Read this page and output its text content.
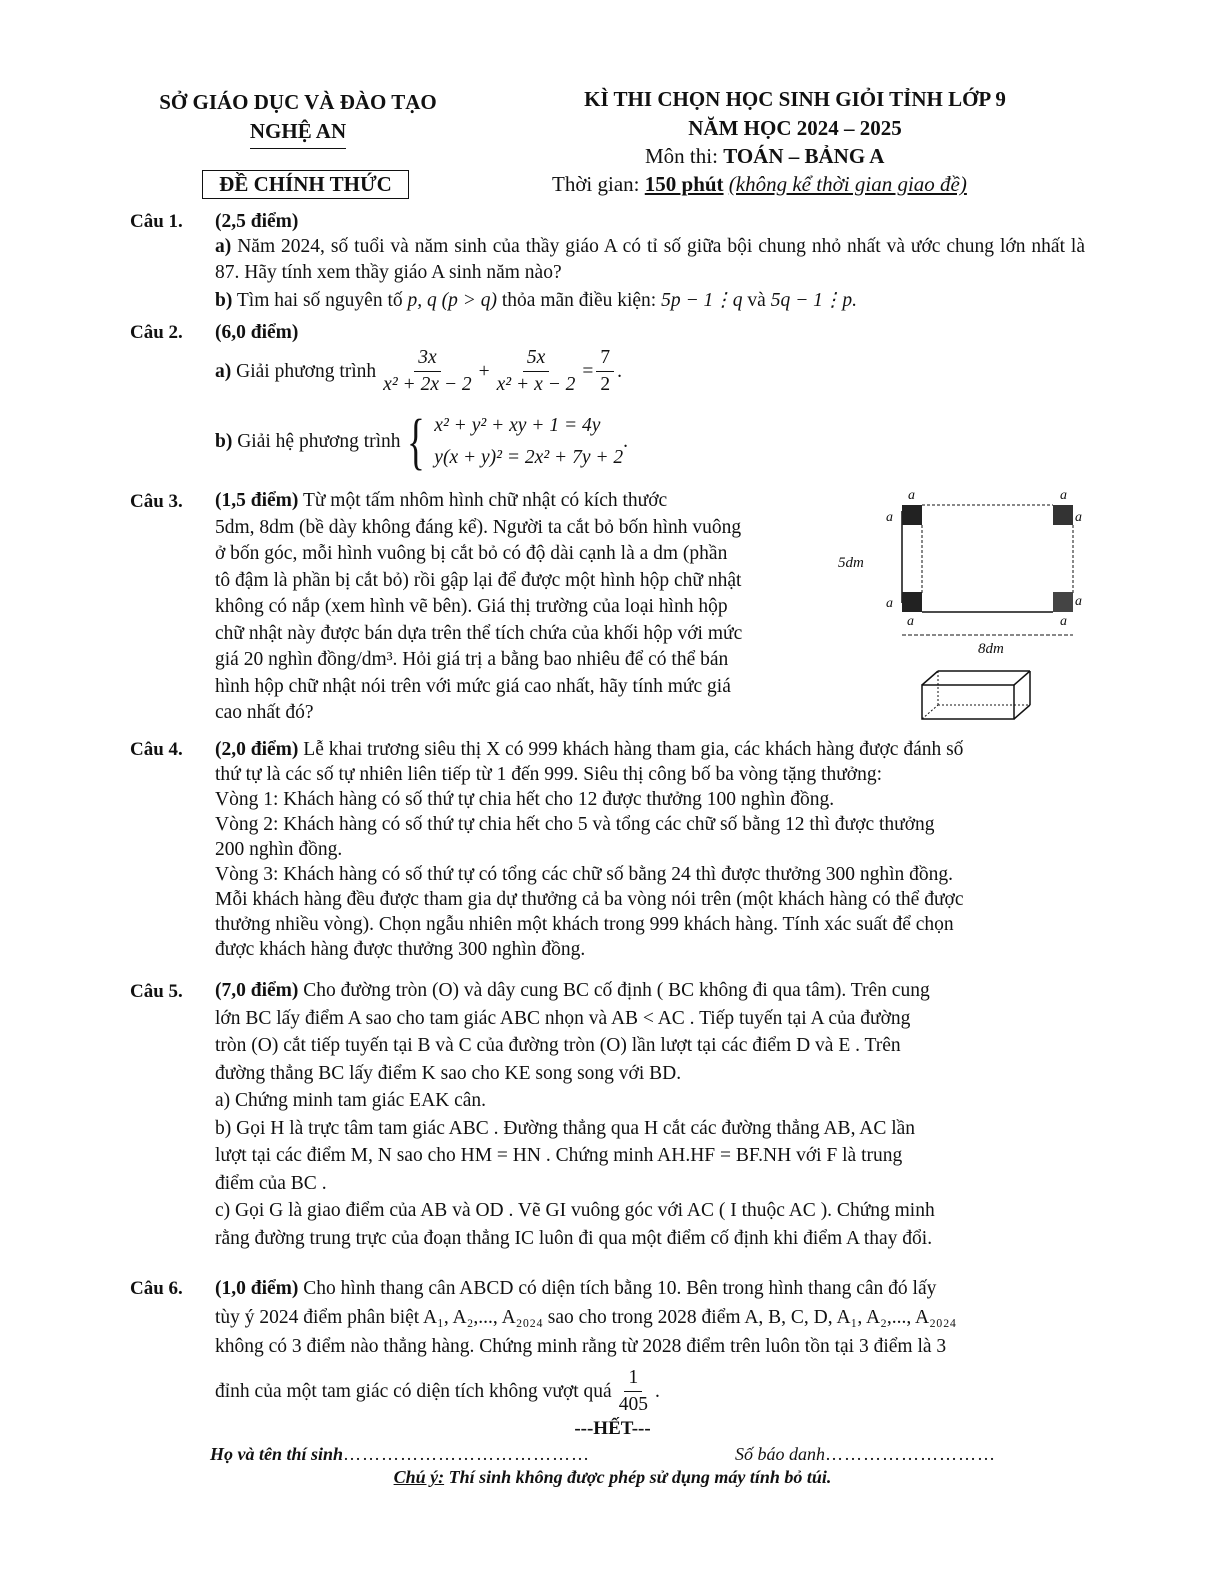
SỞ GIÁO DỤC VÀ ĐÀO TẠO
NGHỆ AN
ĐỀ CHÍNH THỨC
KÌ THI CHỌN HỌC SINH GIỎI TỈNH LỚP 9
NĂM HỌC 2024 – 2025
Môn thi: TOÁN – BẢNG A
Thời gian: 150 phút (không kể thời gian giao đề)
Câu 1. (2,5 điểm)
a) Năm 2024, số tuổi và năm sinh của thầy giáo A có tỉ số giữa bội chung nhỏ nhất và ước chung lớn nhất là 87. Hãy tính xem thầy giáo A sinh năm nào?
b) Tìm hai số nguyên tố p, q (p > q) thỏa mãn điều kiện: 5p − 1⋮q và 5q − 1⋮p.
Câu 2. (6,0 điểm)
a)
Giải phương trình $\frac{3x}{\text{x² + 2x − 2}} + \frac{5x}{\text{x² + x − 2}} = \frac{7}{2}$ .
b)
Giải hệ phương trình { x² + y² + xy + 1 = 4y
y(x + y)² = 2x² + 7y + 2
.
Câu 3. (1,5 điểm) Từ một tấm nhôm hình chữ nhật có kích thước
5dm, 8dm (bề dày không đáng kể). Người ta cắt bỏ bốn hình vuông
ở bốn góc, mỗi hình vuông bị cắt bỏ có độ dài cạnh là a dm (phần
tô đậm là phần bị cắt bỏ) rồi gập lại để được một hình hộp chữ nhật
không có nắp (xem hình vẽ bên). Giá thị trường của loại hình hộp
chữ nhật này được bán dựa trên thể tích chứa của khối hộp với mức
giá 20 nghìn đồng/dm³. Hỏi giá trị a bằng bao nhiêu để có thể bán
hình hộp chữ nhật nói trên với mức giá cao nhất, hãy tính mức giá
cao nhất đó?
a	a
a	a
a	a
a	a
5dm
8dm
Câu 4. (2,0 điểm) Lễ khai trương siêu thị X có 999 khách hàng tham gia, các khách hàng được đánh số
thứ tự là các số tự nhiên liên tiếp từ 1 đến 999. Siêu thị công bố ba vòng tặng thưởng:
Vòng 1: Khách hàng có số thứ tự chia hết cho 12 được thưởng 100 nghìn đồng.
Vòng 2: Khách hàng có số thứ tự chia hết cho 5 và tổng các chữ số bằng 12 thì được thưởng
200 nghìn đồng.
Vòng 3: Khách hàng có số thứ tự có tổng các chữ số bằng 24 thì được thưởng 300 nghìn đồng.
Mỗi khách hàng đều được tham gia dự thưởng cả ba vòng nói trên (một khách hàng có thể được
thưởng nhiều vòng). Chọn ngẫu nhiên một khách trong 999 khách hàng. Tính xác suất để chọn
được khách hàng được thưởng 300 nghìn đồng.
Câu 5. (7,0 điểm) Cho đường tròn (O) và dây cung BC cố định ( BC không đi qua tâm). Trên cung
lớn BC lấy điểm A sao cho tam giác ABC nhọn và AB < AC . Tiếp tuyến tại A của đường
tròn (O) cắt tiếp tuyến tại B và C của đường tròn (O) lần lượt tại các điểm D và E . Trên
đường thẳng BC lấy điểm K sao cho KE song song với BD.
a) Chứng minh tam giác EAK cân.
b) Gọi H là trực tâm tam giác ABC . Đường thẳng qua H cắt các đường thẳng AB, AC lần
lượt tại các điểm M, N sao cho HM = HN . Chứng minh AH.HF = BF.NH với F là trung
điểm của BC .
c) Gọi G là giao điểm của AB và OD . Vẽ GI vuông góc với AC ( I thuộc AC ). Chứng minh
rằng đường trung trực của đoạn thẳng IC luôn đi qua một điểm cố định khi điểm A thay đổi.
Câu 6. (1,0 điểm) Cho hình thang cân ABCD có diện tích bằng 10. Bên trong hình thang cân đó lấy
tùy ý 2024 điểm phân biệt A₁, A₂,..., A₂₀₂₄ sao cho trong 2028 điểm A, B, C, D, A₁, A₂,..., A₂₀₂₄
không có 3 điểm nào thẳng hàng. Chứng minh rằng từ 2028 điểm trên luôn tồn tại 3 điểm là 3
đỉnh của một tam giác có diện tích không vượt quá $\frac{1}{405}$ .
---HẾT---
Họ và tên thí sinh…………………………………	Số báo danh………………………
Chú ý: Thí sinh không được phép sử dụng máy tính bỏ túi.
